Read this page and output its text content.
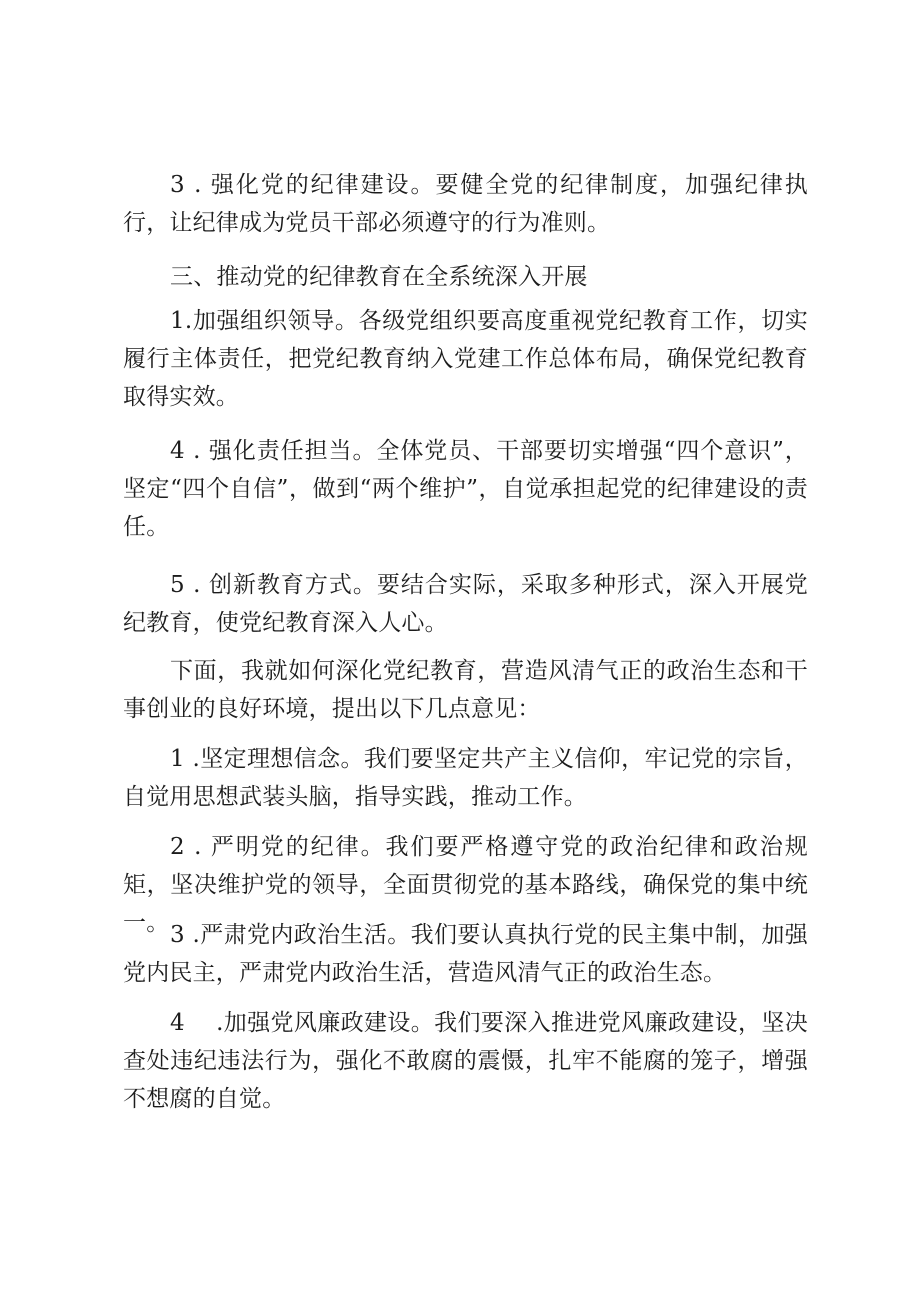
3 . 强化党的纪律建设。要健全党的纪律制度，加强纪律执行，让纪律成为党员干部必须遵守的行为准则。

三、推动党的纪律教育在全系统深入开展

1.加强组织领导。各级党组织要高度重视党纪教育工作，切实履行主体责任，把党纪教育纳入党建工作总体布局，确保党纪教育取得实效。

4 . 强化责任担当。全体党员、干部要切实增强“四个意识”，坚定“四个自信”，做到“两个维护”，自觉承担起党的纪律建设的责任。

5 . 创新教育方式。要结合实际，采取多种形式，深入开展党纪教育，使党纪教育深入人心。

下面，我就如何深化党纪教育，营造风清气正的政治生态和干事创业的良好环境，提出以下几点意见：

1 .坚定理想信念。我们要坚定共产主义信仰，牢记党的宗旨，自觉用思想武装头脑，指导实践，推动工作。

2 . 严明党的纪律。我们要严格遵守党的政治纪律和政治规矩，坚决维护党的领导，全面贯彻党的基本路线，确保党的集中统一。 3 .严肃党内政治生活。我们要认真执行党的民主集中制，加强党内民主，严肃党内政治生活，营造风清气正的政治生态。

4　 .加强党风廉政建设。我们要深入推进党风廉政建设，坚决查处违纪违法行为，强化不敢腐的震慑，扎牢不能腐的笼子，增强不想腐的自觉。
